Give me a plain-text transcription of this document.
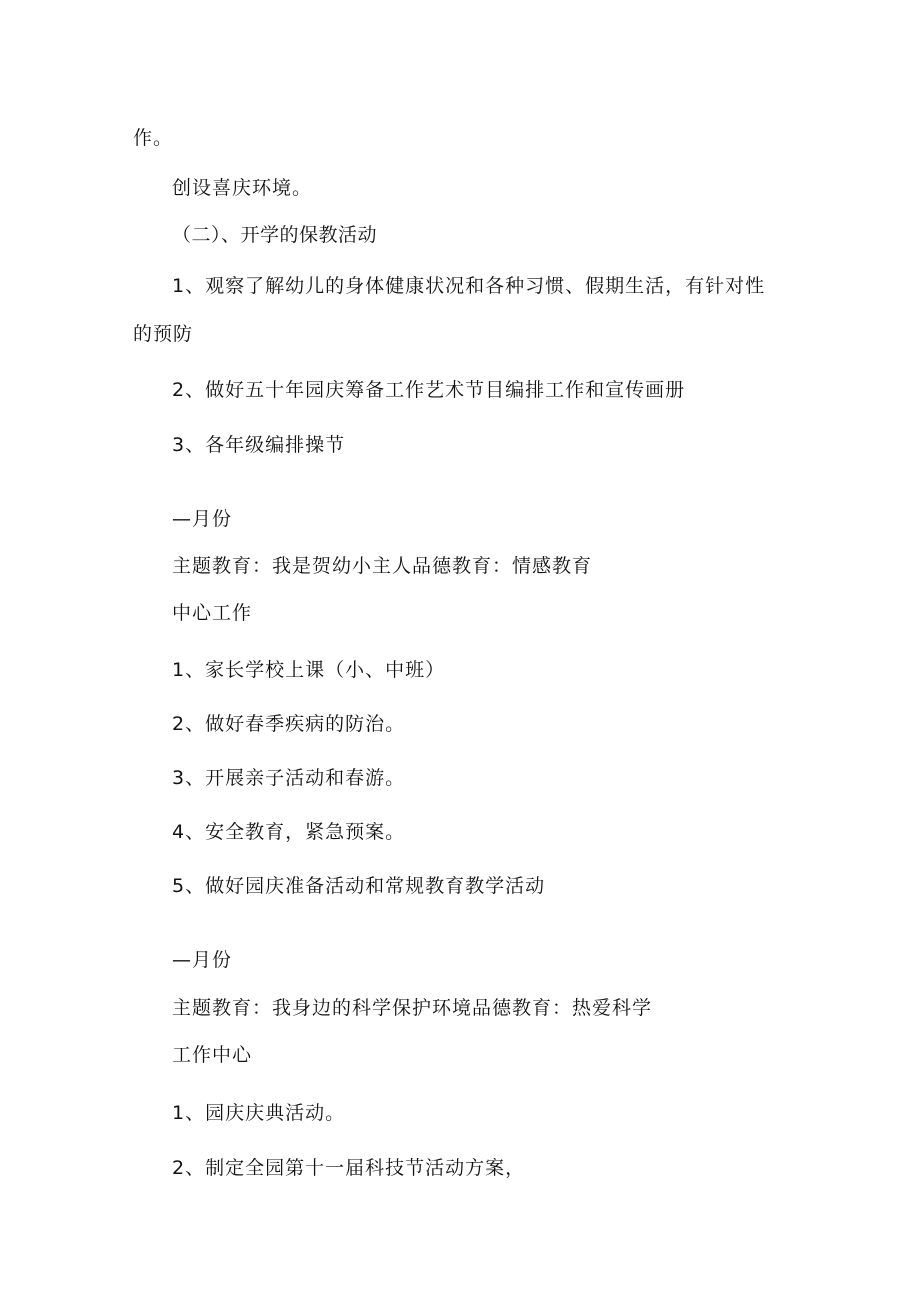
作。
创设喜庆环境。
（二）、开学的保教活动
1、观察了解幼儿的身体健康状况和各种习惯、假期生活，有针对性
的预防
2、做好五十年园庆筹备工作艺术节目编排工作和宣传画册
3、各年级编排操节
—月份
主题教育：我是贺幼小主人品德教育：情感教育
中心工作
1、家长学校上课（小、中班）
2、做好春季疾病的防治。
3、开展亲子活动和春游。
4、安全教育，紧急预案。
5、做好园庆准备活动和常规教育教学活动
—月份
主题教育：我身边的科学保护环境品德教育：热爱科学
工作中心
1、园庆庆典活动。
2、制定全园第十一届科技节活动方案，
